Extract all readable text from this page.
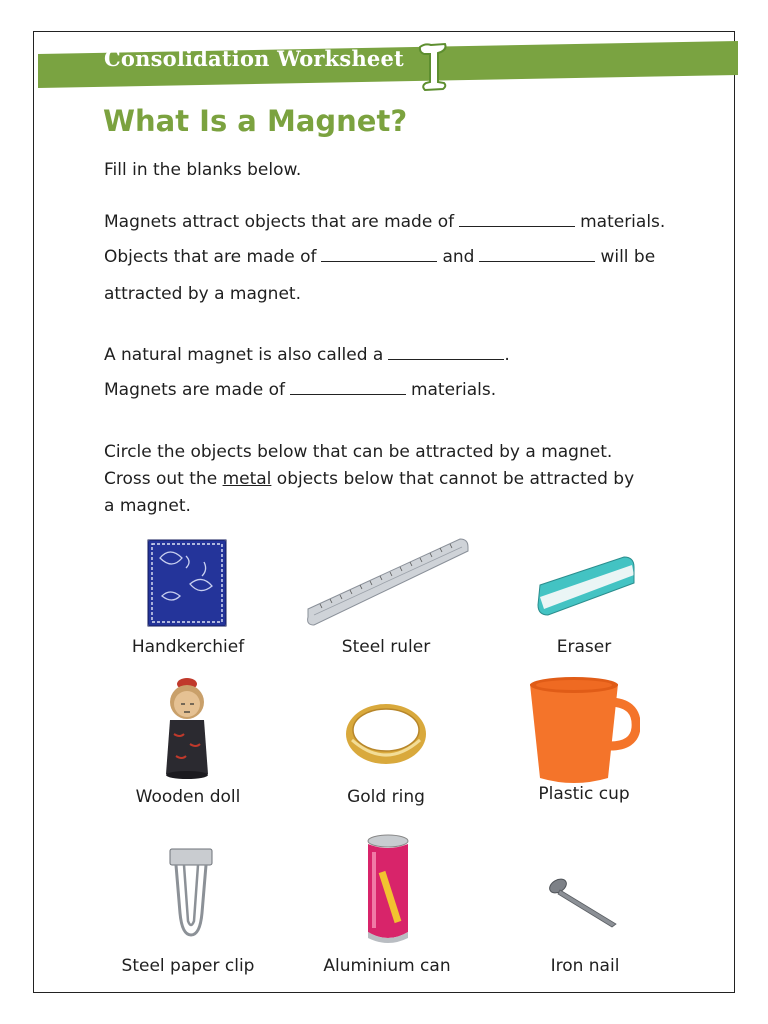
Consolidation Worksheet
What Is a Magnet?
Fill in the blanks below.
Magnets attract objects that are made of	materials.
Objects that are made of	and	will be
attracted by a magnet.
A natural magnet is also called a	.
Magnets are made of	materials.
Circle the objects below that can be attracted by a magnet.
Cross out the metal objects below that cannot be attracted by
a magnet.
Handkerchief	Steel ruler	Eraser
Wooden doll	Gold ring	Plastic cup
Steel paper clip	Aluminium can	Iron nail
